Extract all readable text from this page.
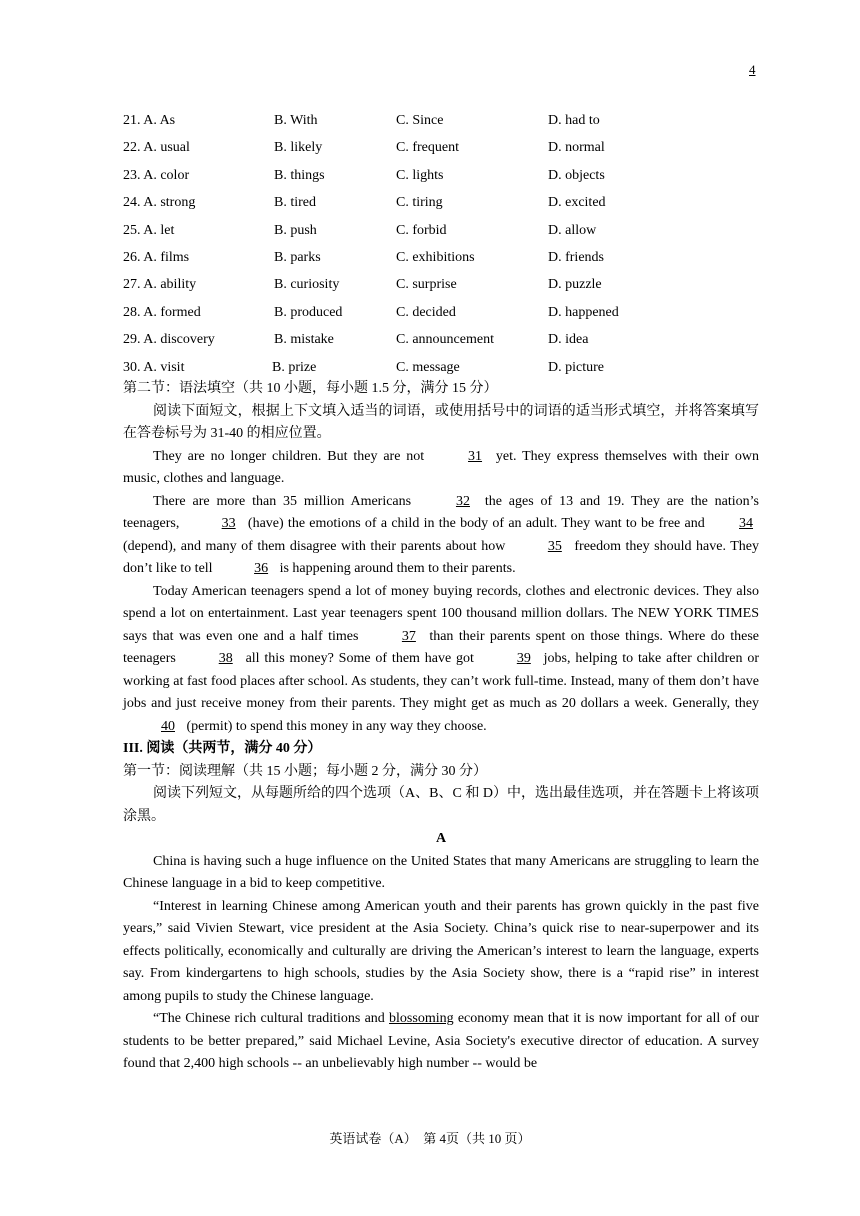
4
21. A. As	B. With	C. Since	D. had to
22. A. usual	B. likely	C. frequent	D. normal
23. A. color	B. things	C. lights	D. objects
24. A. strong	B. tired	C. tiring	D. excited
25. A. let	B. push	C. forbid	D. allow
26. A. films	B. parks	C. exhibitions	D. friends
27. A. ability	B. curiosity	C. surprise	D. puzzle
28. A. formed	B. produced	C. decided	D. happened
29. A. discovery	B. mistake	C. announcement	D. idea
30. A. visit	B. prize	C. message	D. picture

第二节：语法填空（共 10 小题，每小题 1.5 分，满分 15 分）

阅读下面短文，根据上下文填入适当的词语，或使用括号中的词语的适当形式填空，并将答案填写在答卷标号为 31-40 的相应位置。

They are no longer children. But they are not	31 yet. They express themselves with their own music, clothes and language.

There are more than 35 million Americans	32 the ages of 13 and 19. They are the nation’s teenagers,	33 (have) the emotions of a child in the body of an adult. They want to be free and 34 (depend), and many of them disagree with their parents about how	35 freedom they should have. They don’t like to tell	36 is happening around them to their parents.

Today American teenagers spend a lot of money buying records, clothes and electronic devices. They also spend a lot on entertainment. Last year teenagers spent 100 thousand million dollars. The NEW YORK TIMES says that was even one and a half times	37 than their parents spent on those things. Where do these teenagers	38 all this money? Some of them have got	39 jobs, helping to take after children or working at fast food places after school. As students, they can’t work full-time. Instead, many of them don’t have jobs and just receive money from their parents. They might get as much as 20 dollars a week. Generally, they 40 (permit) to spend this money in any way they choose.

III. 阅读（共两节，满分 40 分）

第一节：阅读理解（共 15 小题；每小题 2 分，满分 30 分）

阅读下列短文，从每题所给的四个选项（A、B、C 和 D）中，选出最佳选项，并在答题卡上将该项涂黑。

A

China is having such a huge influence on the United States that many Americans are struggling to learn the Chinese language in a bid to keep competitive.

“Interest in learning Chinese among American youth and their parents has grown quickly in the past five years,” said Vivien Stewart, vice president at the Asia Society. China’s quick rise to near-superpower and its effects politically, economically and culturally are driving the American’s interest to learn the language, experts say. From kindergartens to high schools, studies by the Asia Society show, there is a “rapid rise” in interest among pupils to study the Chinese language.

“The Chinese rich cultural traditions and blossoming economy mean that it is now important for all of our students to be better prepared,” said Michael Levine, Asia Society's executive director of education. A survey found that 2,400 high schools -- an unbelievably high number -- would be

英语试卷（A）　第 4页（共 10 页）
